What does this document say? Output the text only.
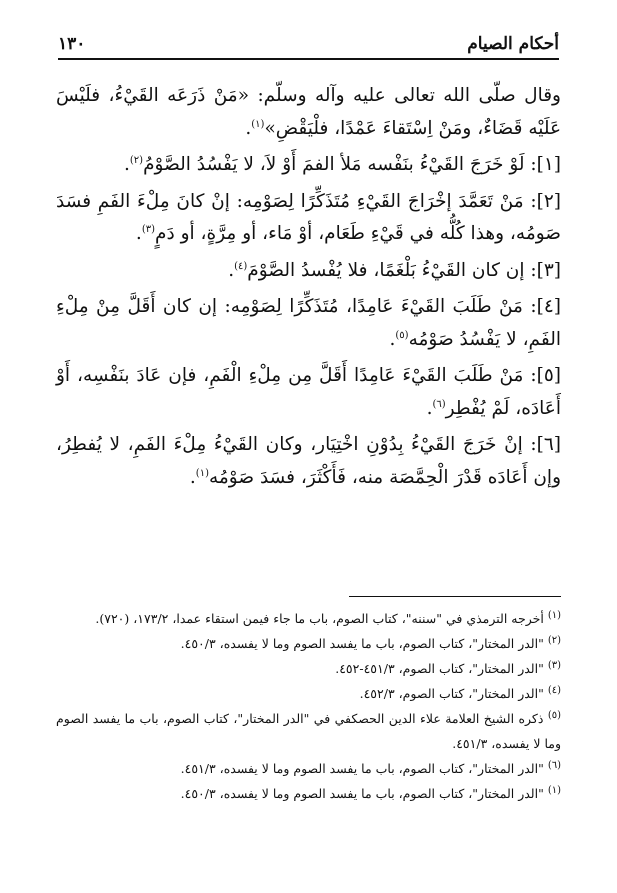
أحكام الصيام
١٣٠

وقال صلّى الله تعالى عليه وآله وسلّم: «مَنْ ذَرَعَه القَيْءُ، فلَيْسَ عَلَيْه قَضَاءٌ، ومَنْ اِسْتَقاءَ عَمْدًا، فلْيَقْضِ»$^{(١)}$.

[١]: لَوْ خَرَجَ القَيْءُ بنَفْسه مَلأ الفمَ أَوْ لاَ، لا يَفْسُدُ الصَّوْمُ$^{(٢)}$.

[٢]: مَنْ تَعَمَّدَ إخْرَاجَ القَيْءِ مُتَذَكِّرًا لِصَوْمِه: إنْ كانَ مِلْءَ الفَمِ فسَدَ صَومُه، وهذا كُلُّه في قَيْءِ طَعَام، أوْ مَاء، أو مِرَّةٍ، أو دَمٍ$^{(٣)}$.

[٣]: إن كان القَيْءُ بَلْغَمًا، فلا يُفْسدُ الصَّوْمَ$^{(٤)}$.

[٤]: مَنْ طَلَبَ القَيْءَ عَامِدًا، مُتَذَكِّرًا لِصَوْمِه: إن كان أَقَلَّ مِنْ مِلْءِ الفَمِ، لا يَفْسُدُ صَوْمُه$^{(٥)}$.

[٥]: مَنْ طَلَبَ القَيْءَ عَامِدًا أَقَلَّ مِن مِلْءِ الْفَمِ، فإن عَادَ بنَفْسِه، أَوْ أَعَادَه، لَمْ يُفْطِر$^{(٦)}$.

[٦]: إنْ خَرَجَ القَيْءُ بِدُوْنِ اخْتِيَار، وكان القَيْءُ مِلْءَ الفَمِ، لا يُفطِرُ، وإن أَعَادَه قَدْرَ الْحِمَّصَة منه، فَأَكْثَرَ، فسَدَ صَوْمُه$^{(١)}$.

$^{(١)}$ أخرجه الترمذي في "سننه"، كتاب الصوم، باب ما جاء فيمن استقاء عمدا، ١٧٣/٢، (٧٢٠).

$^{(٢)}$ "الدر المختار"، كتاب الصوم، باب ما يفسد الصوم وما لا يفسده، ٤٥٠/٣.

$^{(٣)}$ "الدر المختار"، كتاب الصوم، ٤٥١/٣-٤٥٢.

$^{(٤)}$ "الدر المختار"، كتاب الصوم، ٤٥٢/٣.

$^{(٥)}$ ذكره الشيخ العلامة علاء الدين الحصكفي في "الدر المختار"، كتاب الصوم، باب ما يفسد الصوم وما لا يفسده، ٤٥١/٣.

$^{(٦)}$ "الدر المختار"، كتاب الصوم، باب ما يفسد الصوم وما لا يفسده، ٤٥١/٣.

$^{(١)}$ "الدر المختار"، كتاب الصوم، باب ما يفسد الصوم وما لا يفسده، ٤٥٠/٣.
